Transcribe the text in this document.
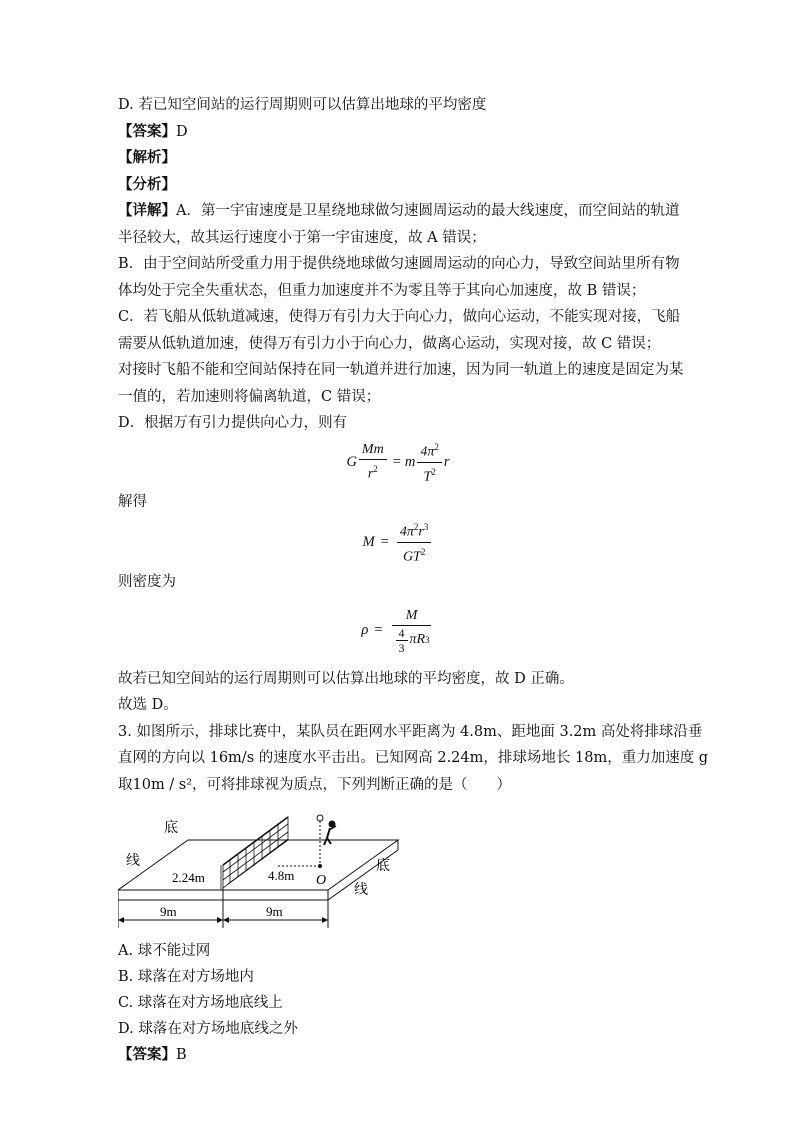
D. 若已知空间站的运行周期则可以估算出地球的平均密度
【答案】D
【解析】
【分析】
【详解】A．第一宇宙速度是卫星绕地球做匀速圆周运动的最大线速度，而空间站的轨道
半径较大，故其运行速度小于第一宇宙速度，故 A 错误；
B．由于空间站所受重力用于提供绕地球做匀速圆周运动的向心力，导致空间站里所有物
体均处于完全失重状态，但重力加速度并不为零且等于其向心加速度，故 B 错误；
C．若飞船从低轨道减速，使得万有引力大于向心力，做向心运动，不能实现对接，飞船
需要从低轨道加速，使得万有引力小于向心力，做离心运动，实现对接，故 C 错误；
对接时飞船不能和空间站保持在同一轨道并进行加速，因为同一轨道上的速度是固定为某
一值的，若加速则将偏离轨道，C 错误；
D．根据万有引力提供向心力，则有
G $\frac{Mm}{r^2} = m \frac{4\pi^2}{T^2}$ r
解得
$M = \frac{4\pi^2r^3}{GT^2}$
则密度为
$\rho = \frac{M}{\frac{4}{3} \pi R 3}$
故若已知空间站的运行周期则可以估算出地球的平均密度，故 D 正确。
故选 D。
3. 如图所示，排球比赛中，某队员在距网水平距离为 4.8m、距地面 3.2m 高处将排球沿垂
直网的方向以 16m/s 的速度水平击出。已知网高 2.24m，排球场地长 18m，重力加速度 g
取10m / s²，可将排球视为质点，下列判断正确的是（　　）
2.24m	4.8m O
底
线	底
线
9m	9m
A. 球不能过网
B. 球落在对方场地内
C. 球落在对方场地底线上
D. 球落在对方场地底线之外
【答案】B
